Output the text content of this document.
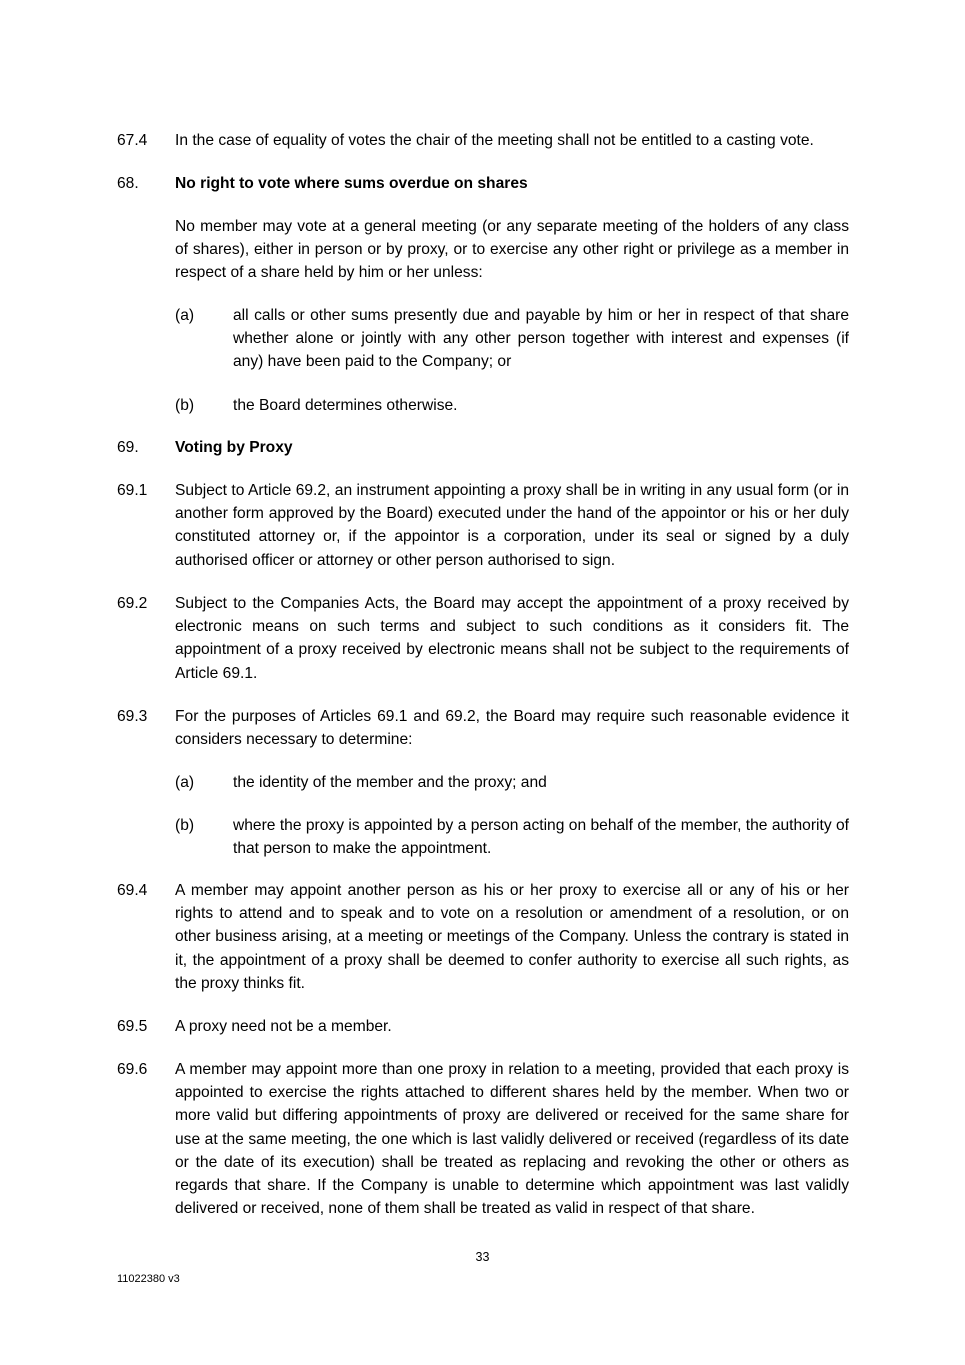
67.4 In the case of equality of votes the chair of the meeting shall not be entitled to a casting vote.
68. No right to vote where sums overdue on shares
No member may vote at a general meeting (or any separate meeting of the holders of any class of shares), either in person or by proxy, or to exercise any other right or privilege as a member in respect of a share held by him or her unless:
(a) all calls or other sums presently due and payable by him or her in respect of that share whether alone or jointly with any other person together with interest and expenses (if any) have been paid to the Company; or
(b) the Board determines otherwise.
69. Voting by Proxy
69.1 Subject to Article 69.2, an instrument appointing a proxy shall be in writing in any usual form (or in another form approved by the Board) executed under the hand of the appointor or his or her duly constituted attorney or, if the appointor is a corporation, under its seal or signed by a duly authorised officer or attorney or other person authorised to sign.
69.2 Subject to the Companies Acts, the Board may accept the appointment of a proxy received by electronic means on such terms and subject to such conditions as it considers fit. The appointment of a proxy received by electronic means shall not be subject to the requirements of Article 69.1.
69.3 For the purposes of Articles 69.1 and 69.2, the Board may require such reasonable evidence it considers necessary to determine:
(a) the identity of the member and the proxy; and
(b) where the proxy is appointed by a person acting on behalf of the member, the authority of that person to make the appointment.
69.4 A member may appoint another person as his or her proxy to exercise all or any of his or her rights to attend and to speak and to vote on a resolution or amendment of a resolution, or on other business arising, at a meeting or meetings of the Company. Unless the contrary is stated in it, the appointment of a proxy shall be deemed to confer authority to exercise all such rights, as the proxy thinks fit.
69.5 A proxy need not be a member.
69.6 A member may appoint more than one proxy in relation to a meeting, provided that each proxy is appointed to exercise the rights attached to different shares held by the member. When two or more valid but differing appointments of proxy are delivered or received for the same share for use at the same meeting, the one which is last validly delivered or received (regardless of its date or the date of its execution) shall be treated as replacing and revoking the other or others as regards that share. If the Company is unable to determine which appointment was last validly delivered or received, none of them shall be treated as valid in respect of that share.
33
11022380 v3
